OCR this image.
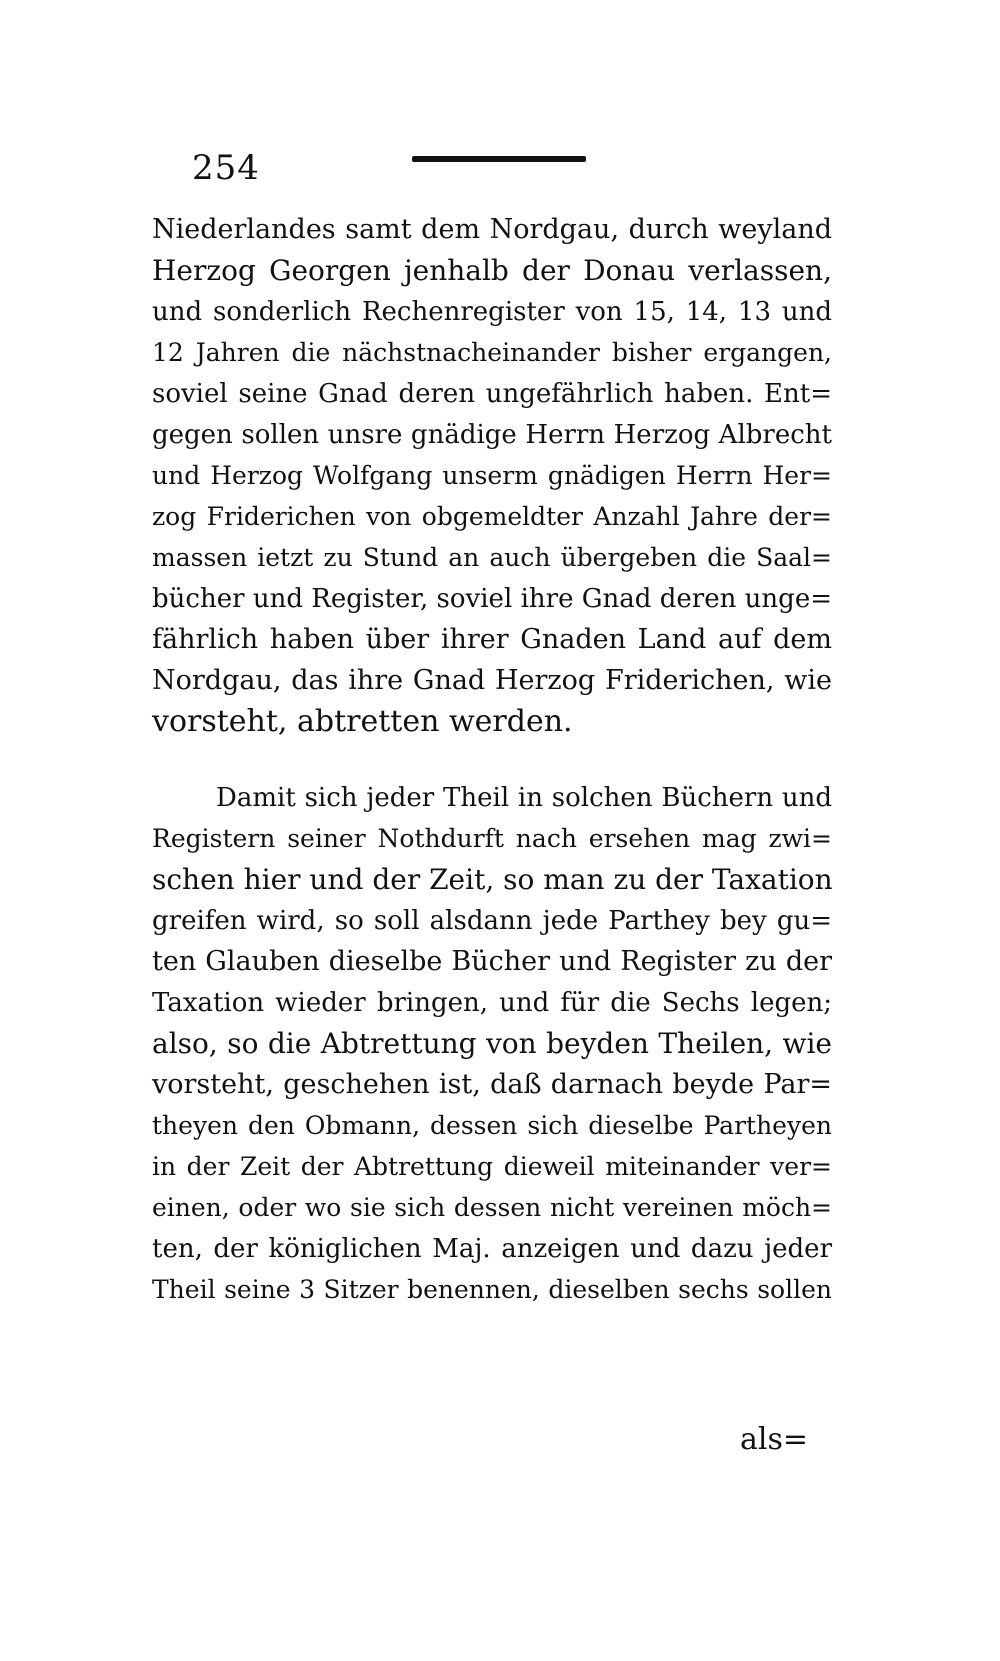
254
Niederlandes samt dem Nordgau, durch weyland
Herzog Georgen jenhalb der Donau verlassen,
und sonderlich Rechenregister von 15, 14, 13 und
12 Jahren die nächstnacheinander bisher ergangen,
soviel seine Gnad deren ungefährlich haben. Ent=
gegen sollen unsre gnädige Herrn Herzog Albrecht
und Herzog Wolfgang unserm gnädigen Herrn Her=
zog Friderichen von obgemeldter Anzahl Jahre der=
massen ietzt zu Stund an auch übergeben die Saal=
bücher und Register, soviel ihre Gnad deren unge=
fährlich haben über ihrer Gnaden Land auf dem
Nordgau, das ihre Gnad Herzog Friderichen, wie
vorsteht, abtretten werden.
Damit sich jeder Theil in solchen Büchern und
Registern seiner Nothdurft nach ersehen mag zwi=
schen hier und der Zeit, so man zu der Taxation
greifen wird, so soll alsdann jede Parthey bey gu=
ten Glauben dieselbe Bücher und Register zu der
Taxation wieder bringen, und für die Sechs legen;
also, so die Abtrettung von beyden Theilen, wie
vorsteht, geschehen ist, daß darnach beyde Par=
theyen den Obmann, dessen sich dieselbe Partheyen
in der Zeit der Abtrettung dieweil miteinander ver=
einen, oder wo sie sich dessen nicht vereinen möch=
ten, der königlichen Maj. anzeigen und dazu jeder
Theil seine 3 Sitzer benennen, dieselben sechs sollen
als=
